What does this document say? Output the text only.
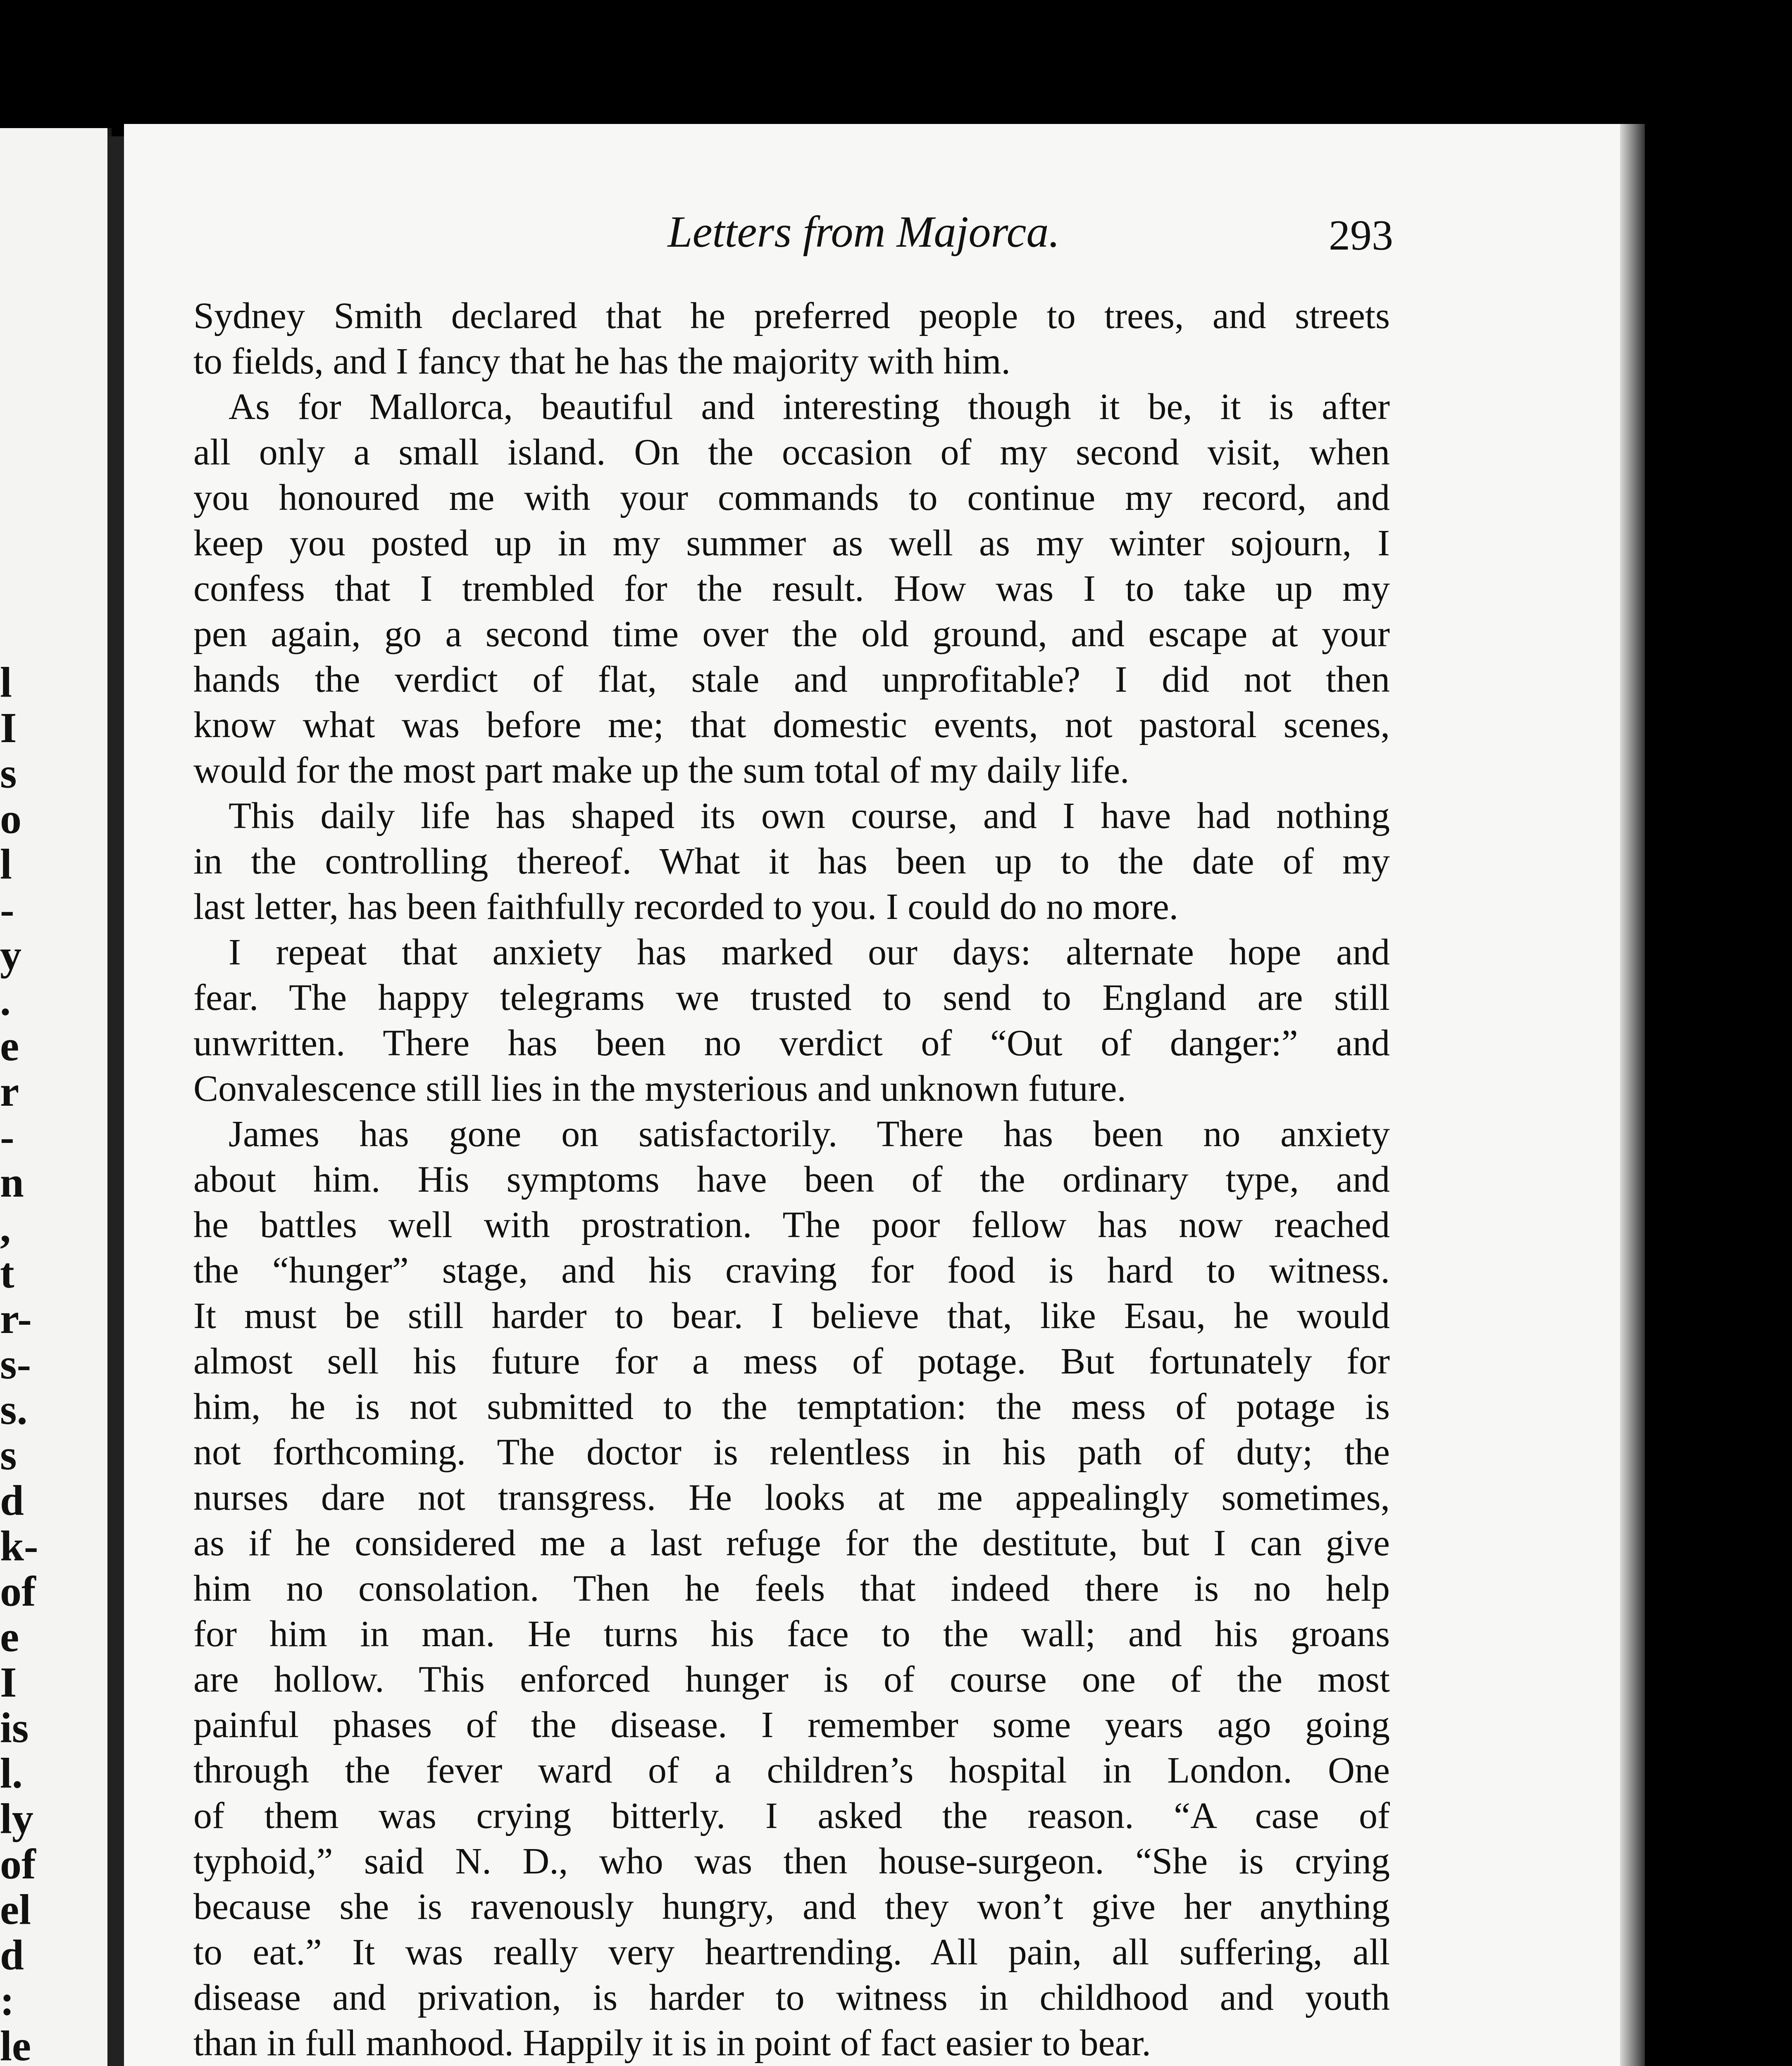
l
I
s
o
l
-
y
.
e
r
-
n
,
t
r-
s-
s.
s
d
k-
of
e
I
is
l.
ly
of
el
d
:
le
Letters from Majorca.	293
Sydney Smith declared that he preferred people to trees, and streets
to fields, and I fancy that he has the majority with him.
As for Mallorca, beautiful and interesting though it be, it is after
all only a small island. On the occasion of my second visit, when
you honoured me with your commands to continue my record, and
keep you posted up in my summer as well as my winter sojourn, I
confess that I trembled for the result. How was I to take up my
pen again, go a second time over the old ground, and escape at your
hands the verdict of flat, stale and unprofitable? I did not then
know what was before me; that domestic events, not pastoral scenes,
would for the most part make up the sum total of my daily life.
This daily life has shaped its own course, and I have had nothing
in the controlling thereof. What it has been up to the date of my
last letter, has been faithfully recorded to you. I could do no more.
I repeat that anxiety has marked our days: alternate hope and
fear. The happy telegrams we trusted to send to England are still
unwritten. There has been no verdict of “Out of danger:” and
Convalescence still lies in the mysterious and unknown future.
James has gone on satisfactorily. There has been no anxiety
about him. His symptoms have been of the ordinary type, and
he battles well with prostration. The poor fellow has now reached
the “hunger” stage, and his craving for food is hard to witness.
It must be still harder to bear. I believe that, like Esau, he would
almost sell his future for a mess of potage. But fortunately for
him, he is not submitted to the temptation: the mess of potage is
not forthcoming. The doctor is relentless in his path of duty; the
nurses dare not transgress. He looks at me appealingly sometimes,
as if he considered me a last refuge for the destitute, but I can give
him no consolation. Then he feels that indeed there is no help
for him in man. He turns his face to the wall; and his groans
are hollow. This enforced hunger is of course one of the most
painful phases of the disease. I remember some years ago going
through the fever ward of a children’s hospital in London. One
of them was crying bitterly. I asked the reason. “A case of
typhoid,” said N. D., who was then house-surgeon. “She is crying
because she is ravenously hungry, and they won’t give her anything
to eat.” It was really very heartrending. All pain, all suffering, all
disease and privation, is harder to witness in childhood and youth
than in full manhood. Happily it is in point of fact easier to bear.
